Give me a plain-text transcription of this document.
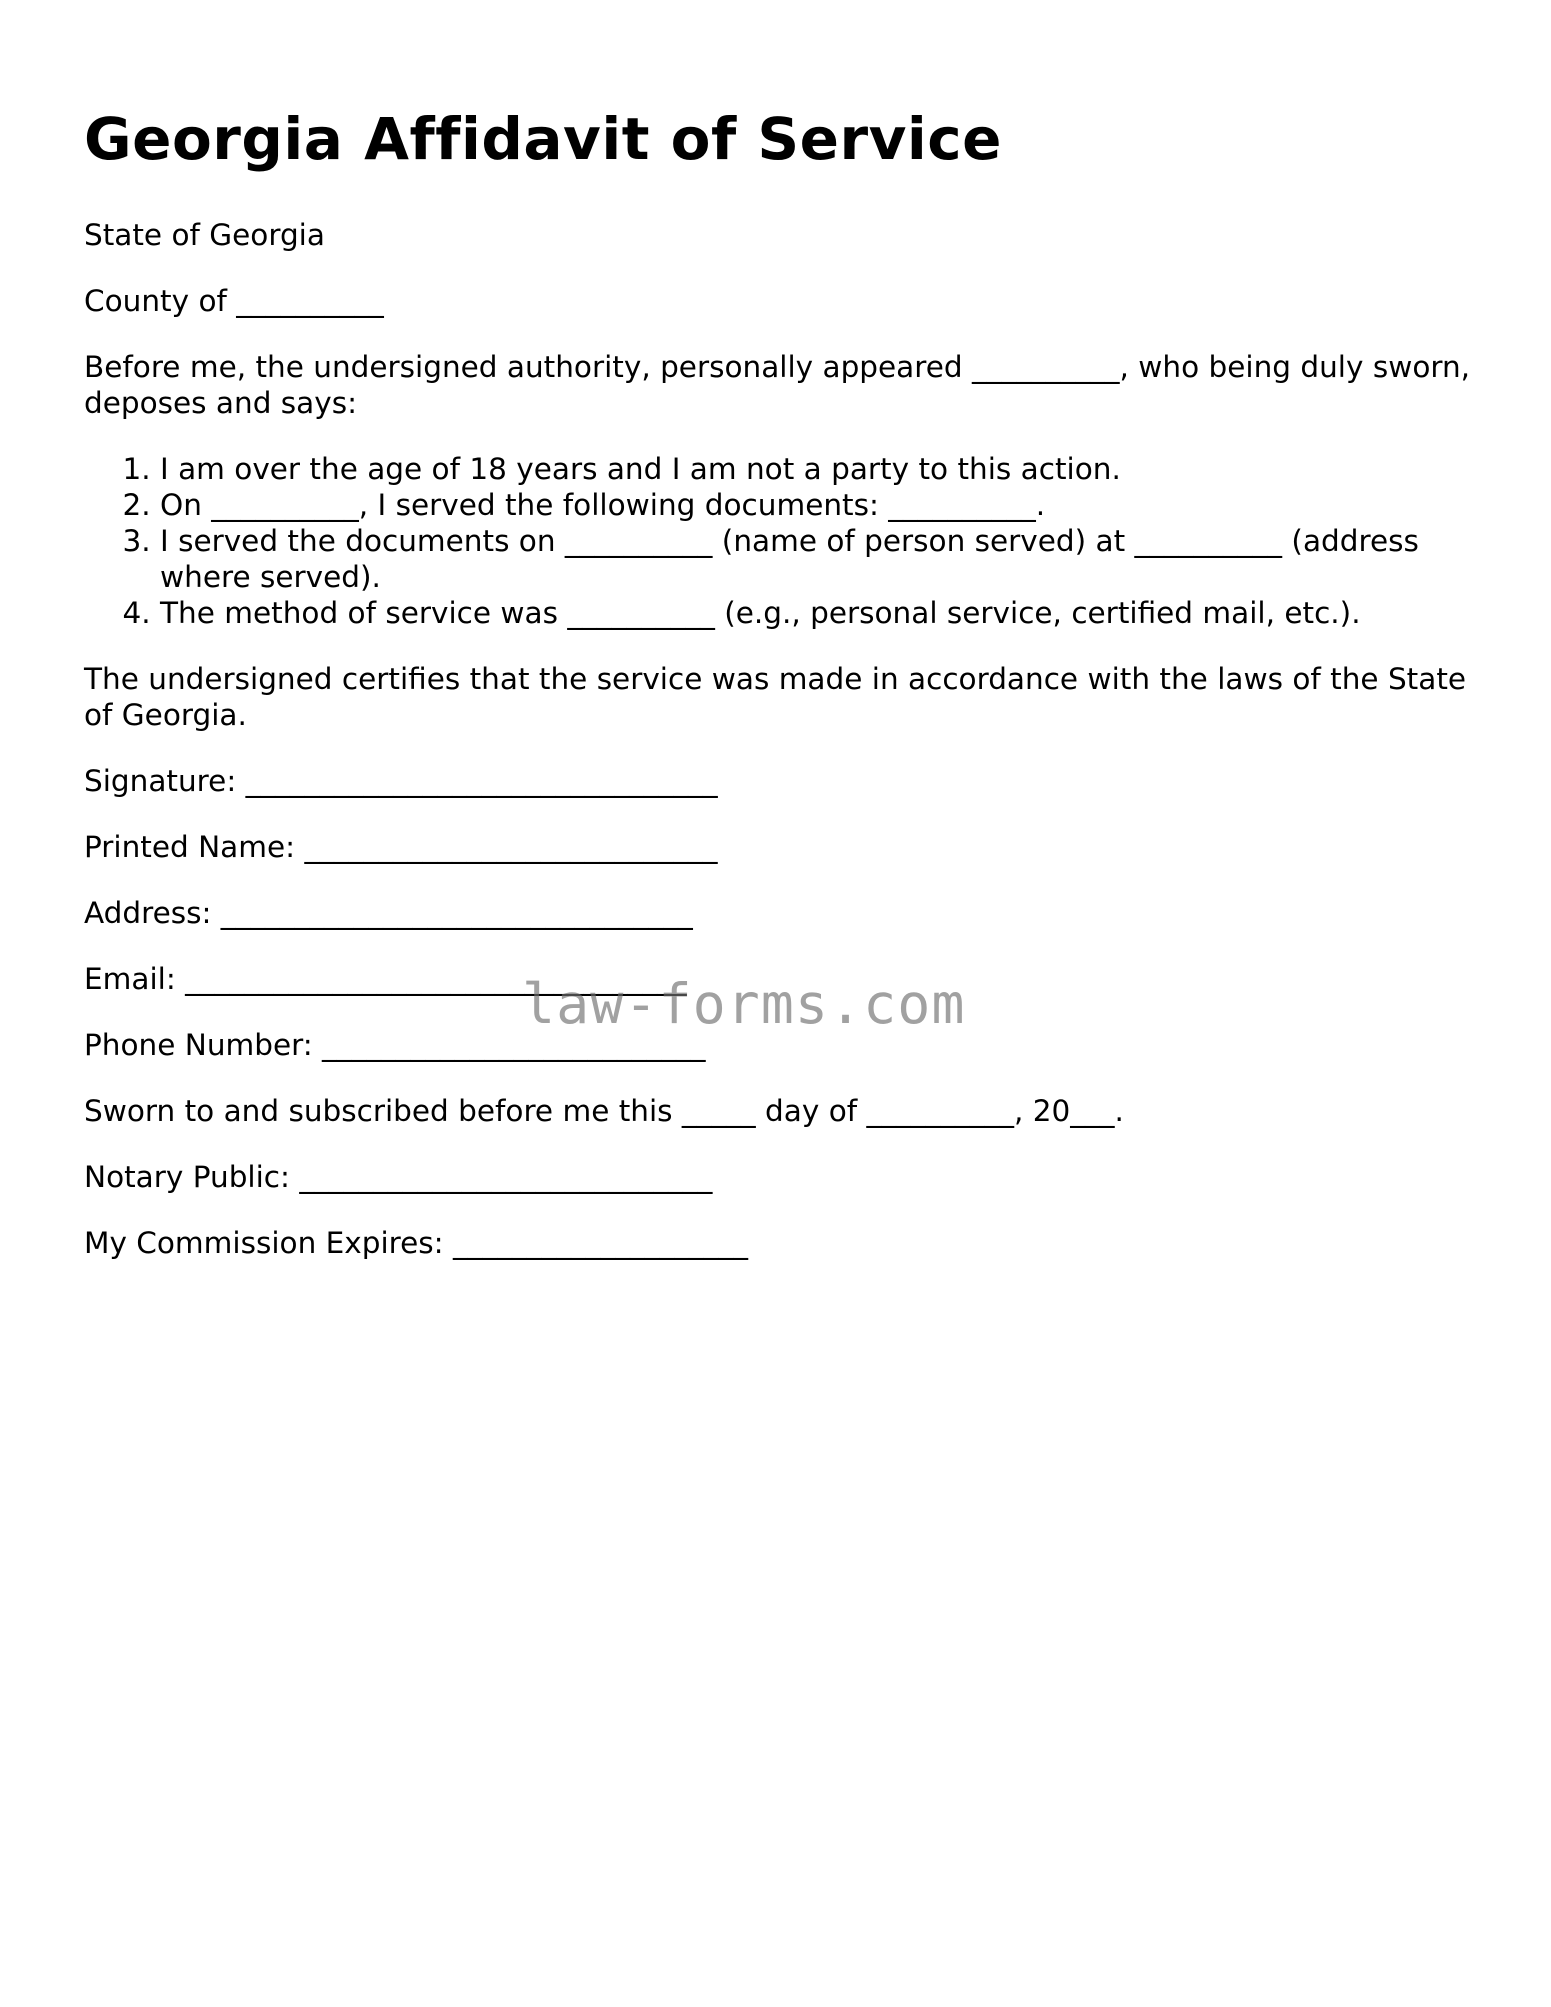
Georgia Affidavit of Service

State of Georgia

County of __________

Before me, the undersigned authority, personally appeared __________, who being duly sworn, deposes and says:

1. I am over the age of 18 years and I am not a party to this action.
2. On __________, I served the following documents: __________.
3. I served the documents on __________ (name of person served) at __________ (address where served).
4. The method of service was __________ (e.g., personal service, certified mail, etc.).

The undersigned certifies that the service was made in accordance with the laws of the State of Georgia.

Signature: ________________________________

Printed Name: ____________________________

Address: ________________________________

Email: __________________________________

Phone Number: __________________________

Sworn to and subscribed before me this _____ day of __________, 20___.

Notary Public: ____________________________

My Commission Expires: ____________________

law-forms.com
